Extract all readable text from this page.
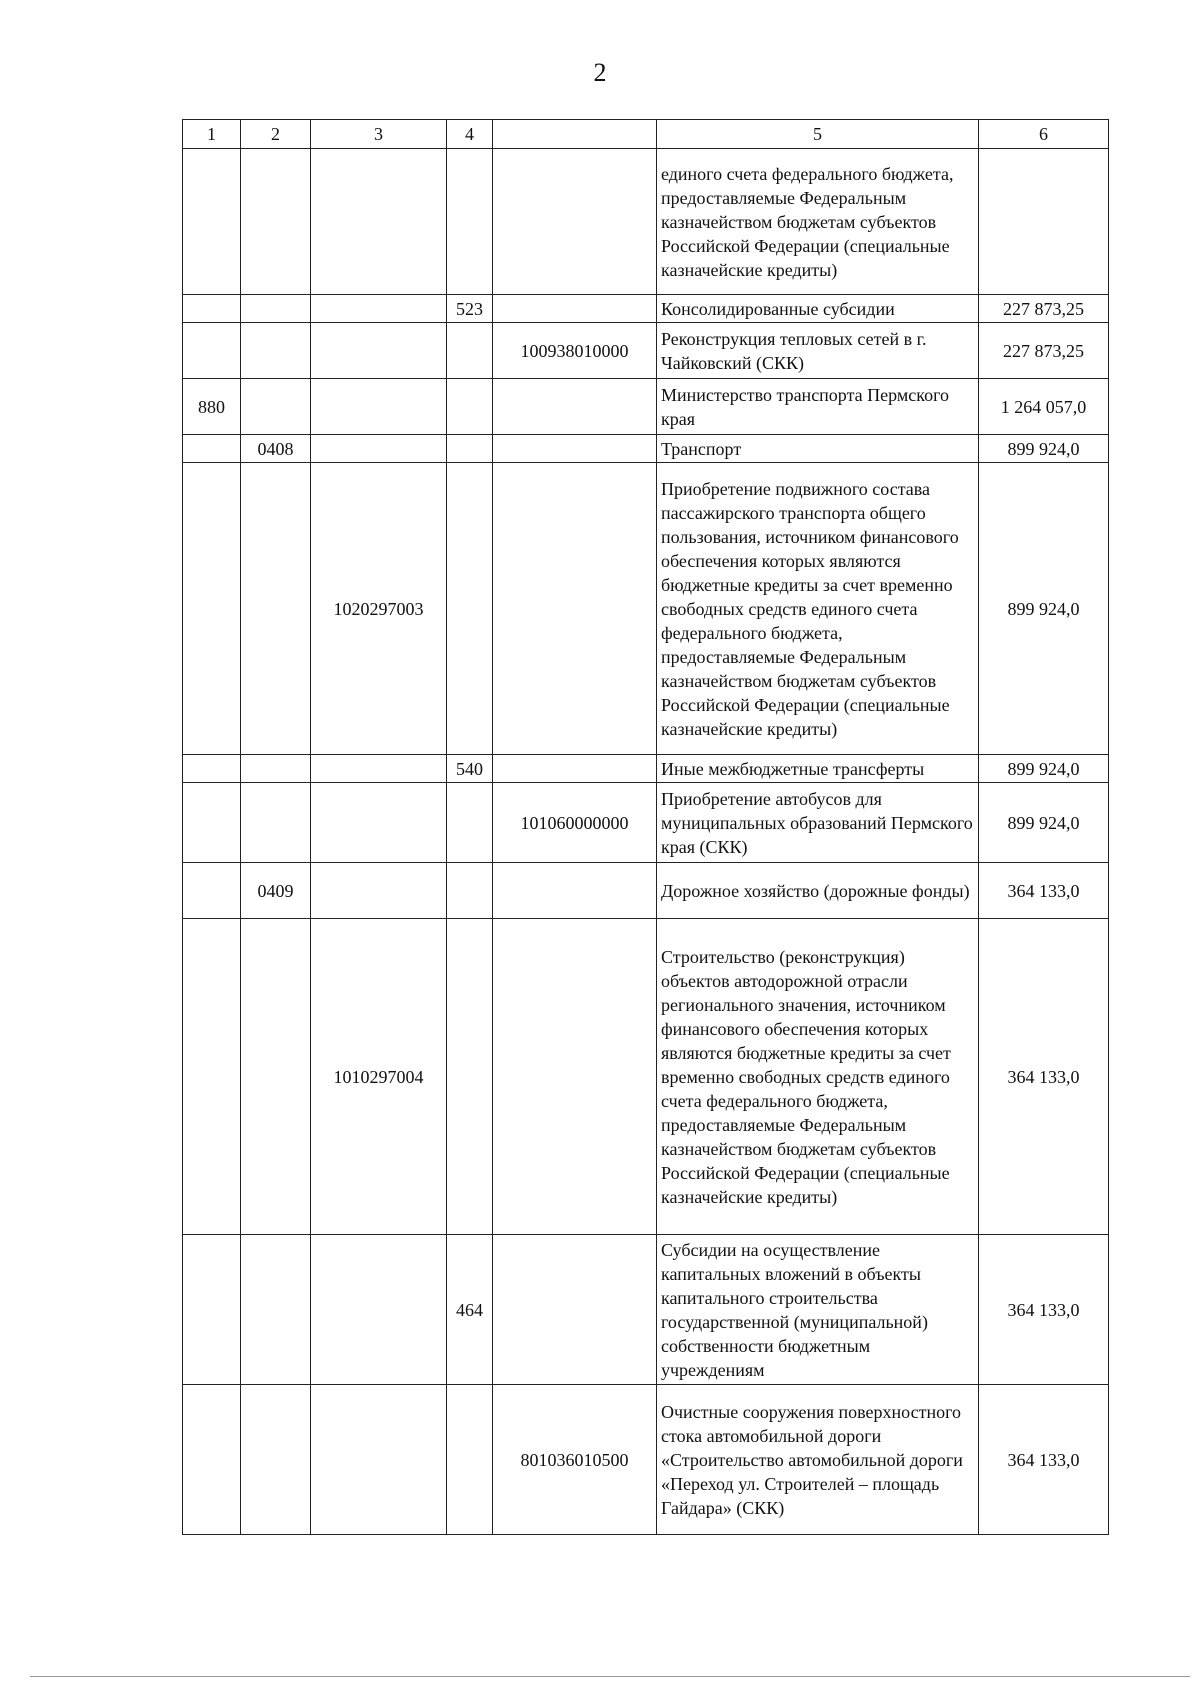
2
1	2	3	4		5	6
					единого счета федерального бюджета, предоставляемые Федеральным казначейством бюджетам субъектов Российской Федерации (специальные казначейские кредиты)	
			523		Консолидированные субсидии	227 873,25
				100938010000	Реконструкция тепловых сетей в г. Чайковский (СКК)	227 873,25
880					Министерство транспорта Пермского края	1 264 057,0
	0408				Транспорт	899 924,0
		1020297003			Приобретение подвижного состава пассажирского транспорта общего пользования, источником финансового обеспечения которых являются бюджетные кредиты за счет временно свободных средств единого счета федерального бюджета, предоставляемые Федеральным казначейством бюджетам субъектов Российской Федерации (специальные казначейские кредиты)	899 924,0
			540		Иные межбюджетные трансферты	899 924,0
				101060000000	Приобретение автобусов для муниципальных образований Пермского края (СКК)	899 924,0
	0409				Дорожное хозяйство (дорожные фонды)	364 133,0
		1010297004			Строительство (реконструкция) объектов автодорожной отрасли регионального значения, источником финансового обеспечения которых являются бюджетные кредиты за счет временно свободных средств единого счета федерального бюджета, предоставляемые Федеральным казначейством бюджетам субъектов Российской Федерации (специальные казначейские кредиты)	364 133,0
			464		Субсидии на осуществление капитальных вложений в объекты капитального строительства государственной (муниципальной) собственности бюджетным учреждениям	364 133,0
				801036010500	Очистные сооружения поверхностного стока автомобильной дороги «Строительство автомобильной дороги «Переход ул. Строителей – площадь Гайдара» (СКК)	364 133,0
